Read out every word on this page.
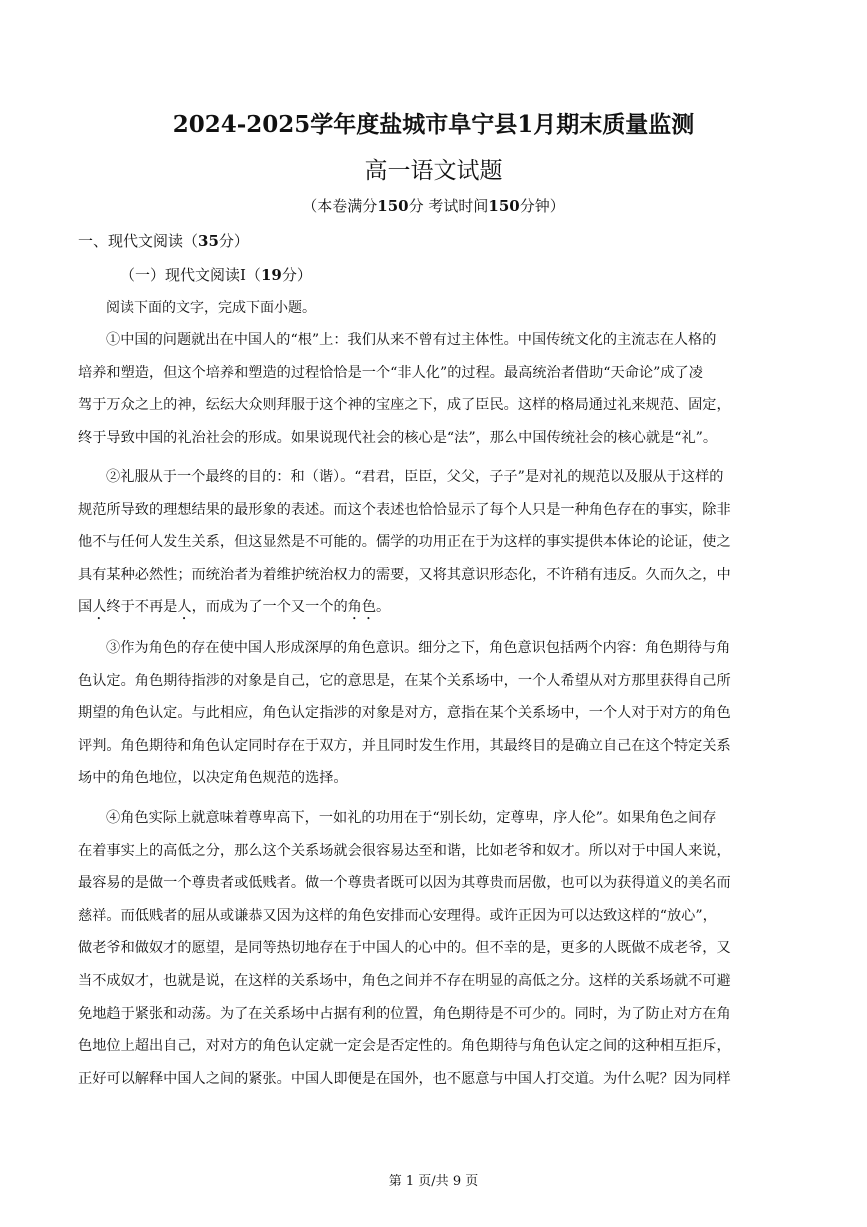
2024-2025学年度盐城市阜宁县1月期末质量监测
高一语文试题
（本卷满分150分 考试时间150分钟）
一、现代文阅读（35分）
（一）现代文阅读Ⅰ（19分）
阅读下面的文字，完成下面小题。

①中国的问题就出在中国人的“根”上：我们从来不曾有过主体性。中国传统文化的主流志在人格的
培养和塑造，但这个培养和塑造的过程恰恰是一个“非人化”的过程。最高统治者借助“天命论”成了凌
驾于万众之上的神，纭纭大众则拜服于这个神的宝座之下，成了臣民。这样的格局通过礼来规范、固定，
终于导致中国的礼治社会的形成。如果说现代社会的核心是“法”，那么中国传统社会的核心就是“礼”。

②礼服从于一个最终的目的：和（谐）。“君君，臣臣，父父，子子”是对礼的规范以及服从于这样的
规范所导致的理想结果的最形象的表述。而这个表述也恰恰显示了每个人只是一种角色存在的事实，除非
他不与任何人发生关系，但这显然是不可能的。儒学的功用正在于为这样的事实提供本体论的论证，使之
具有某种必然性；而统治者为着维护统治权力的需要，又将其意识形态化，不许稍有违反。久而久之，中
国人终于不再是人，而成为了一个又一个的角色。

③作为角色的存在使中国人形成深厚的角色意识。细分之下，角色意识包括两个内容：角色期待与角
色认定。角色期待指涉的对象是自己，它的意思是，在某个关系场中，一个人希望从对方那里获得自己所
期望的角色认定。与此相应，角色认定指涉的对象是对方，意指在某个关系场中，一个人对于对方的角色
评判。角色期待和角色认定同时存在于双方，并且同时发生作用，其最终目的是确立自己在这个特定关系
场中的角色地位，以决定角色规范的选择。

④角色实际上就意味着尊卑高下，一如礼的功用在于“别长幼，定尊卑，序人伦”。如果角色之间存
在着事实上的高低之分，那么这个关系场就会很容易达至和谐，比如老爷和奴才。所以对于中国人来说，
最容易的是做一个尊贵者或低贱者。做一个尊贵者既可以因为其尊贵而居傲，也可以为获得道义的美名而
慈祥。而低贱者的屈从或谦恭又因为这样的角色安排而心安理得。或许正因为可以达致这样的“放心”，
做老爷和做奴才的愿望，是同等热切地存在于中国人的心中的。但不幸的是，更多的人既做不成老爷，又
当不成奴才，也就是说，在这样的关系场中，角色之间并不存在明显的高低之分。这样的关系场就不可避
免地趋于紧张和动荡。为了在关系场中占据有利的位置，角色期待是不可少的。同时，为了防止对方在角
色地位上超出自己，对对方的角色认定就一定会是否定性的。角色期待与角色认定之间的这种相互拒斥，
正好可以解释中国人之间的紧张。中国人即便是在国外，也不愿意与中国人打交道。为什么呢？因为同样

第 1 页/共 9 页
